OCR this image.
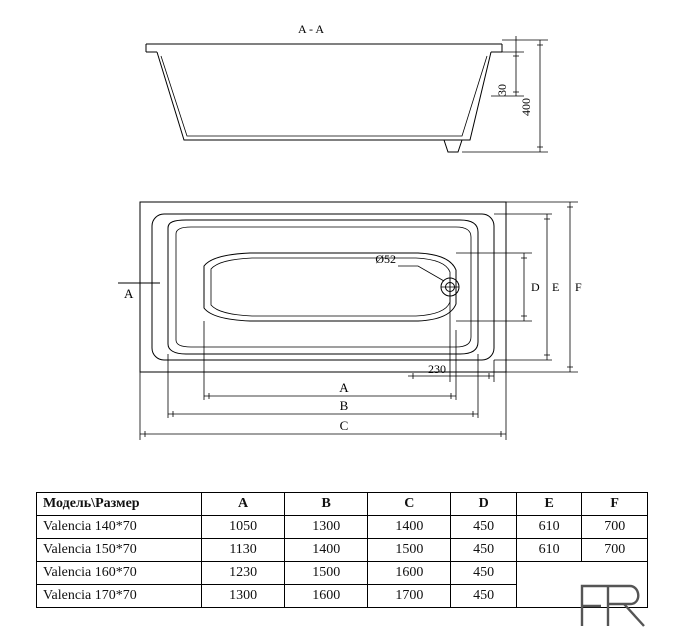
30
400
A - A
Ø52
A	D E F
230
A
B
C
Модель\Размер	A	B	C	D	E	F
Valencia 140*70	1050	1300	1400	450	610	700
Valencia 150*70	1130	1400	1500	450	610	700
Valencia 160*70	1230	1500	1600	450		
Valencia 170*70	1300	1600	1700	450		
